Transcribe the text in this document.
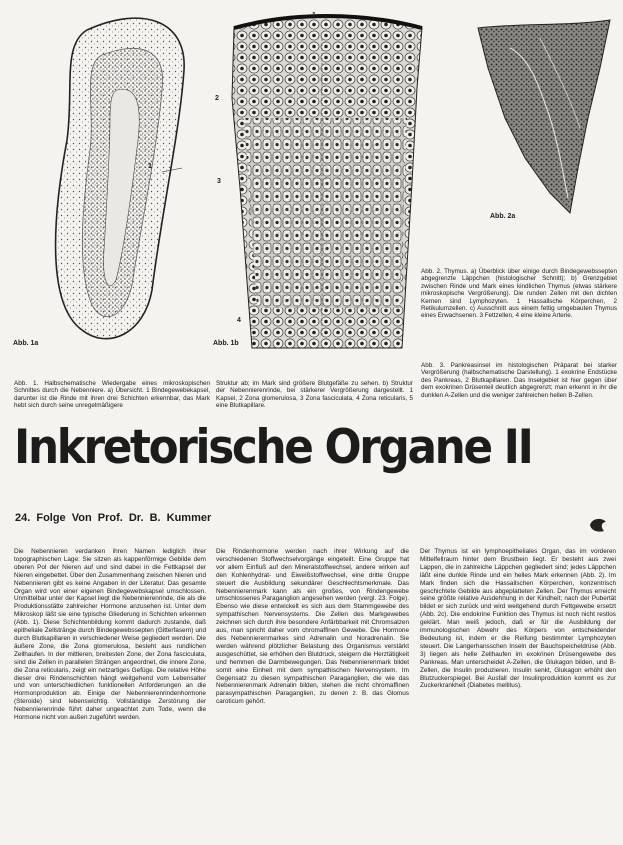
1
Abb. 1a
1
2
3
4
Abb. 1b
Abb. 2a
Abb. 1. Halbschematische Wiedergabe eines mikroskopischen Schnittes durch die Nebenniere. a) Übersicht. 1 Bindegewebekapsel, darunter ist die Rinde mit ihren drei Schichten erkennbar, das Mark hebt sich durch seine unregelmäßigere
Struktur ab; im Mark sind größere Blutgefäße zu sehen. b) Struktur der Nebennierenrinde, bei stärkerer Vergrößerung dargestellt. 1 Kapsel, 2 Zona glomerulosa, 3 Zona fasciculata, 4 Zona reticularis, 5 eine Blutkapillare.
Abb. 2. Thymus. a) Überblick über einige durch Bindegewebssepten abgegrenzte Läppchen (histologischer Schnitt); b) Grenzgebiet zwischen Rinde und Mark eines kindlichen Thymus (etwas stärkere mikroskopische Vergrößerung). Die runden Zellen mit den dichten Kernen sind Lymphozyten. 1 Hassallsche Körperchen, 2 Retikulumzellen. c) Ausschnitt aus einem fettig umgebauten Thymus eines Erwachsenen. 3 Fettzellen, 4 eine kleine Arterie.
Abb. 3. Pankreasinsel im histologischen Präparat bei starker Vergrößerung (halbschematische Darstellung). 1 exokrine Endstücke des Pankreas, 2 Blutkapillaren. Das Inselgebiet ist hier gegen über dem exokrinen Drüsenteil deutlich abgegrenzt; man erkennt in ihr die dunklen A-Zellen und die weniger zahlreichen hellen B-Zellen.
Inkretorische Organe II
24. Folge Von Prof. Dr. B. Kummer

Die Nebennieren verdanken ihren Namen lediglich ihrer topographischen Lage: Sie sitzen als kappenförmige Gebilde dem oberen Pol der Nieren auf und sind dabei in die Fettkapsel der Nieren eingebettet. Über den Zusammenhang zwischen Nieren und Nebennieren gibt es keine Angaben in der Literatur. Das gesamte Organ wird von einer eigenen Bindegewebskapsel umschlossen. Unmittelbar unter der Kapsel liegt die Nebennierenrinde, die als die Produktionsstätte zahlreicher Hormone anzusehen ist. Unter dem Mikroskop läßt sie eine typische Gliederung in Schichten erkennen (Abb. 1). Diese Schichtenbildung kommt dadurch zustande, daß epitheliale Zellstränge durch Bindegewebssepten (Gitterfasern) und durch Blutkapillaren in verschiedener Weise gegliedert werden. Die äußere Zone, die Zona glomerulosa, besteht aus rundlichen Zellhaufen. In der mittleren, breitesten Zone, der Zona fasciculata, sind die Zellen in parallelen Strängen angeordnet, die innere Zone, die Zona reticularis, zeigt ein netzartiges Gefüge. Die relative Höhe dieser drei Rindenschichten hängt weitgehend vom Lebensalter und von unterschiedlichen funktionellen Anforderungen an die Hormonproduktion ab. Einige der Nebennierenrindenhormone (Steroide) sind lebenswichtig. Vollständige Zerstörung der Nebennierenrinde führt daher ungeachtet zum Tode, wenn die Hormone nicht von außen zugeführt werden.

Die Rindenhormone werden nach ihrer Wirkung auf die verschiedenen Stoffwechselvorgänge eingeteilt. Eine Gruppe hat vor allem Einfluß auf den Mineralstoffwechsel, andere wirken auf den Kohlenhydrat- und Eiweißstoffwechsel, eine dritte Gruppe steuert die Ausbildung sekundärer Geschlechtsmerkmale. Das Nebennierenmark kann als ein großes, von Rindengewebe umschlossenes Paraganglion angesehen werden (vergl. 23. Folge). Ebenso wie diese entwickelt es sich aus dem Stammgewebe des sympathischen Nervensystems. Die Zellen des Markgewebes zeichnen sich durch ihre besondere Anfärbbarkeit mit Chromsalzen aus, man spricht daher vom chromaffinen Gewebe. Die Hormone des Nebennierenmarkes sind Adrenalin und Noradrenalin. Sie werden während plötzlicher Belastung des Organismus verstärkt ausgeschüttet, sie erhöhen den Blutdruck, steigern die Herztätigkeit und hemmen die Darmbewegungen. Das Nebennierenmark bildet somit eine Einheit mit dem sympathischen Nervensystem. Im Gegensatz zu diesen sympathischen Paraganglien, die wie das Nebennierenmark Adrenalin bilden, stehen die nicht chromaffinen parasympathischen Paraganglien, zu denen z. B. das Glomus caroticum gehört.

Der Thymus ist ein lymphoepitheliales Organ, das im vorderen Mittelfellraum hinter dem Brustbein liegt. Er besteht aus zwei Lappen, die in zahlreiche Läppchen gegliedert sind; jedes Läppchen läßt eine dunkle Rinde und ein helles Mark erkennen (Abb. 2). Im Mark finden sich die Hassallschen Körperchen, konzentrisch geschichtete Gebilde aus abgeplatteten Zellen. Der Thymus erreicht seine größte relative Ausdehnung in der Kindheit; nach der Pubertät bildet er sich zurück und wird weitgehend durch Fettgewebe ersetzt (Abb. 2c). Die endokrine Funktion des Thymus ist noch nicht restlos geklärt. Man weiß jedoch, daß er für die Ausbildung der immunologischen Abwehr des Körpers von entscheidender Bedeutung ist, indem er die Reifung bestimmter Lymphozyten steuert. Die Langerhansschen Inseln der Bauchspeicheldrüse (Abb. 3) liegen als helle Zellhaufen im exokrinen Drüsengewebe des Pankreas. Man unterscheidet A-Zellen, die Glukagon bilden, und B-Zellen, die Insulin produzieren. Insulin senkt, Glukagon erhöht den Blutzuckerspiegel. Bei Ausfall der Insulinproduktion kommt es zur Zuckerkrankheit (Diabetes mellitus).
